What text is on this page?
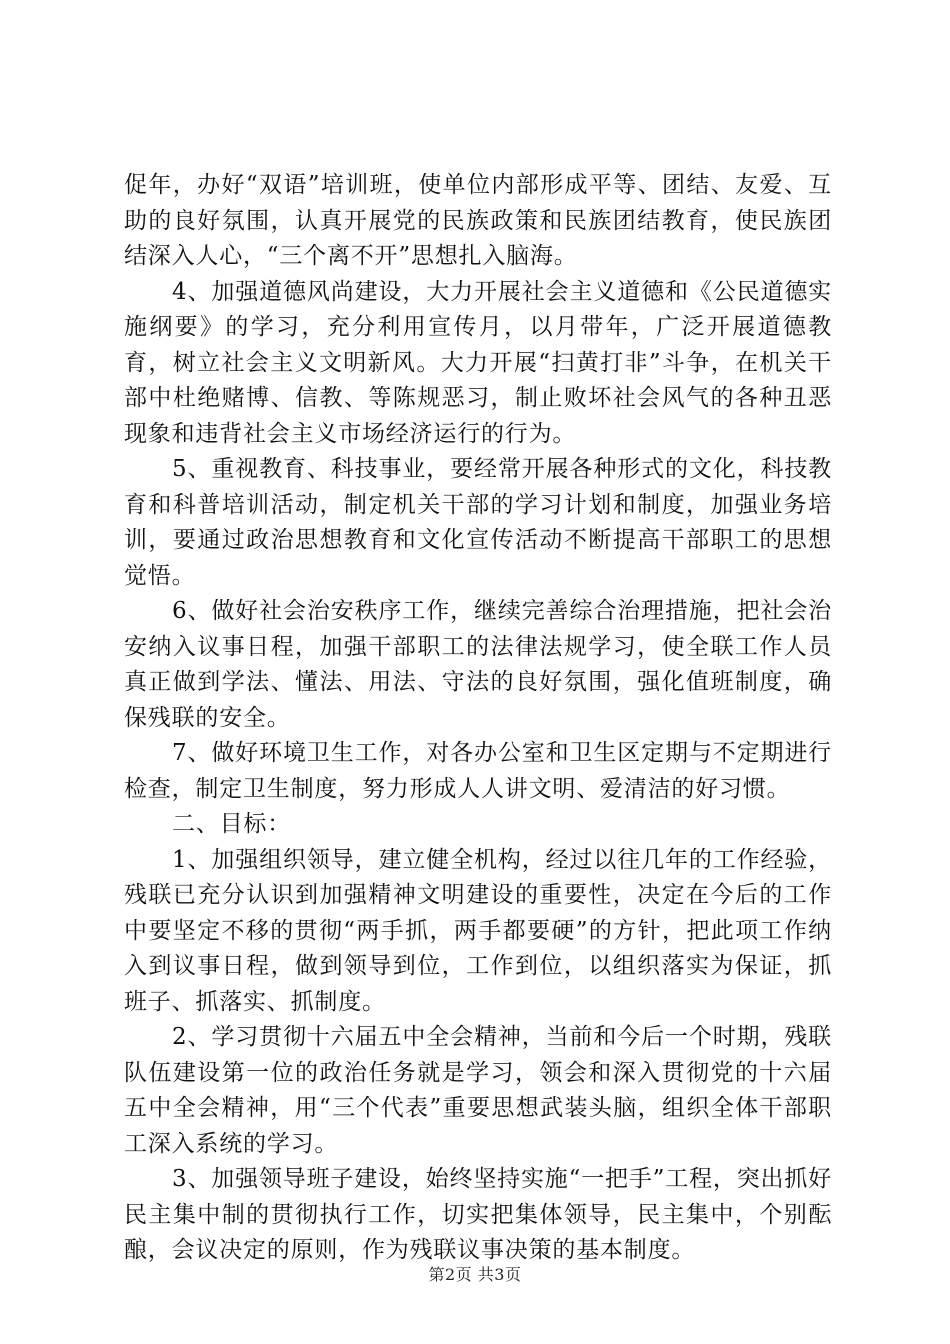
促年，办好“双语”培训班，使单位内部形成平等、团结、友爱、互助的良好氛围，认真开展党的民族政策和民族团结教育，使民族团结深入人心，“三个离不开”思想扎入脑海。

4、加强道德风尚建设，大力开展社会主义道德和《公民道德实施纲要》的学习，充分利用宣传月，以月带年，广泛开展道德教育，树立社会主义文明新风。大力开展“扫黄打非”斗争，在机关干部中杜绝赌博、信教、等陈规恶习，制止败坏社会风气的各种丑恶现象和违背社会主义市场经济运行的行为。

5、重视教育、科技事业，要经常开展各种形式的文化，科技教育和科普培训活动，制定机关干部的学习计划和制度，加强业务培训，要通过政治思想教育和文化宣传活动不断提高干部职工的思想觉悟。

6、做好社会治安秩序工作，继续完善综合治理措施，把社会治安纳入议事日程，加强干部职工的法律法规学习，使全联工作人员真正做到学法、懂法、用法、守法的良好氛围，强化值班制度，确保残联的安全。

7、做好环境卫生工作，对各办公室和卫生区定期与不定期进行检查，制定卫生制度，努力形成人人讲文明、爱清洁的好习惯。

二、目标：

1、加强组织领导，建立健全机构，经过以往几年的工作经验，残联已充分认识到加强精神文明建设的重要性，决定在今后的工作中要坚定不移的贯彻“两手抓，两手都要硬”的方针，把此项工作纳入到议事日程，做到领导到位，工作到位，以组织落实为保证，抓班子、抓落实、抓制度。

2、学习贯彻十六届五中全会精神，当前和今后一个时期，残联队伍建设第一位的政治任务就是学习，领会和深入贯彻党的十六届五中全会精神，用“三个代表”重要思想武装头脑，组织全体干部职工深入系统的学习。

3、加强领导班子建设，始终坚持实施“一把手”工程，突出抓好民主集中制的贯彻执行工作，切实把集体领导，民主集中，个别酝酿，会议决定的原则，作为残联议事决策的基本制度。

第2页 共3页
